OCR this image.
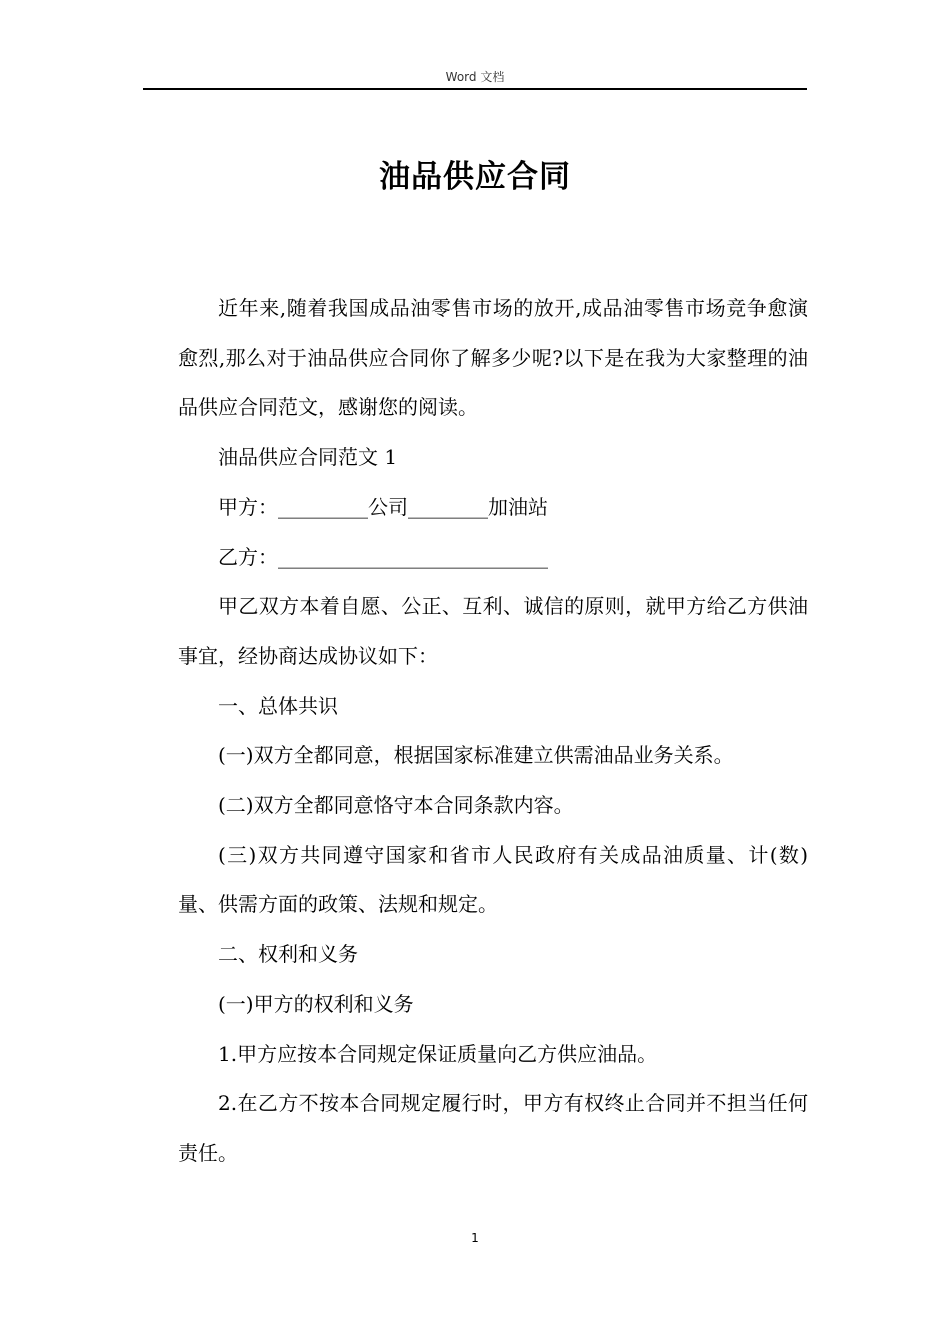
Word 文档
油品供应合同

近年来,随着我国成品油零售市场的放开,成品油零售市场竞争愈演愈烈,那么对于油品供应合同你了解多少呢?以下是在我为大家整理的油品供应合同范文，感谢您的阅读。

油品供应合同范文 1

甲方：_________公司________加油站

乙方：___________________________

甲乙双方本着自愿、公正、互利、诚信的原则，就甲方给乙方供油事宜，经协商达成协议如下：

一、总体共识

(一)双方全都同意，根据国家标准建立供需油品业务关系。

(二)双方全都同意恪守本合同条款内容。

(三)双方共同遵守国家和省市人民政府有关成品油质量、计(数)量、供需方面的政策、法规和规定。

二、权利和义务

(一)甲方的权利和义务

1.甲方应按本合同规定保证质量向乙方供应油品。

2.在乙方不按本合同规定履行时，甲方有权终止合同并不担当任何责任。

1
